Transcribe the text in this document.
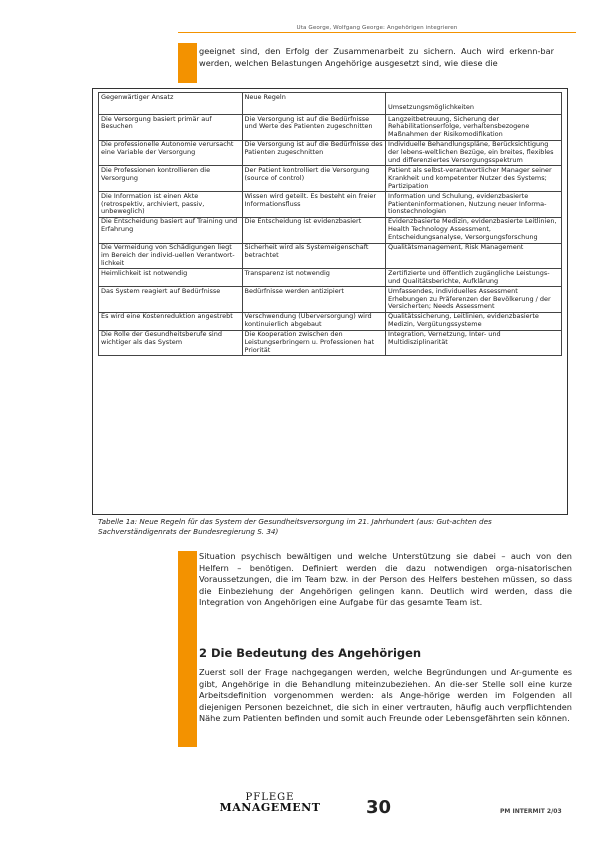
Uta George, Wolfgang George: Angehörigen integrieren

geeignet sind, den Erfolg der Zusammenarbeit zu sichern. Auch wird erkenn-bar werden, welchen Belastungen Angehörige ausgesetzt sind, wie diese die

Gegenwärtiger Ansatz	Neue Regeln	Umsetzungsmöglichkeiten

Die Versorgung basiert primär auf Besuchen	Die Versorgung ist auf die Bedürfnisse und Werte des Patienten zugeschnitten	Langzeitbetreuung, Sicherung der Rehabilitationserfolge, verhaltensbezogene Maßnahmen der Risikomodifikation
Die professionelle Autonomie verursacht eine Variable der Versorgung	Die Versorgung ist auf die Bedürfnisse des Patienten zugeschnitten	Individuelle Behandlungspläne, Berücksichtigung der lebens-weltlichen Bezüge, ein breites, flexibles und differenziertes Versorgungsspektrum
Die Professionen kontrollieren die Versorgung	Der Patient kontrolliert die Versorgung (source of control)	Patient als selbst-verantwortlicher Manager seiner Krankheit und kompetenter Nutzer des Systems; Partizipation
Die Information ist einen Akte (retrospektiv, archiviert, passiv, unbeweglich)	Wissen wird geteilt. Es besteht ein freier Informationsfluss	Information und Schulung, evidenzbasierte Patienteninformationen, Nutzung neuer Informa-tionstechnologien
Die Entscheidung basiert auf Training und Erfahrung	Die Entscheidung ist evidenzbasiert	Evidenzbasierte Medizin, evidenzbasierte Leitlinien, Health Technology Assessment, Entscheidungsanalyse, Versorgungsforschung
Die Vermeidung von Schädigungen liegt im Bereich der individ-uellen Verantwort-lichkeit	Sicherheit wird als Systemeigenschaft betrachtet	Qualitätsmanagement, Risk Management
Heimlichkeit ist notwendig	Transparenz ist notwendig	Zertifizierte und öffentlich zugängliche Leistungs- und Qualitätsberichte, Aufklärung
Das System reagiert auf Bedürfnisse	Bedürfnisse werden antizipiert	Umfassendes, individuelles Assessment Erhebungen zu Präferenzen der Bevölkerung / der Versicherten; Needs Assessment
Es wird eine Kostenreduktion angestrebt	Verschwendung (Überversorgung) wird kontinuierlich abgebaut	Qualitätssicherung, Leitlinien, evidenzbasierte Medizin, Vergütungssysteme
Die Rolle der Gesundheitsberufe sind wichtiger als das System	Die Kooperation zwischen den Leistungserbringern u. Professionen hat Priorität	Integration, Vernetzung, Inter- und Multidisziplinarität
Tabelle 1a: Neue Regeln für das System der Gesundheitsversorgung im 21. Jahrhundert (aus: Gut-achten des Sachverständigenrats der Bundesregierung S. 34)

Situation psychisch bewältigen und welche Unterstützung sie dabei – auch von den Helfern – benötigen. Definiert werden die dazu notwendigen orga-nisatorischen Voraussetzungen, die im Team bzw. in der Person des Helfers bestehen müssen, so dass die Einbeziehung der Angehörigen gelingen kann. Deutlich wird werden, dass die Integration von Angehörigen eine Aufgabe für das gesamte Team ist.

2 Die Bedeutung des Angehörigen

Zuerst soll der Frage nachgegangen werden, welche Begründungen und Ar-gumente es gibt, Angehörige in die Behandlung miteinzubeziehen. An die-ser Stelle soll eine kurze Arbeitsdefinition vorgenommen werden: als Ange-hörige werden im Folgenden all diejenigen Personen bezeichnet, die sich in einer vertrauten, häufig auch verpflichtenden Nähe zum Patienten befinden und somit auch Freunde oder Lebensgefährten sein können.

PFLEGE
MANAGEMENT	30	PM INTERMIT 2/03
